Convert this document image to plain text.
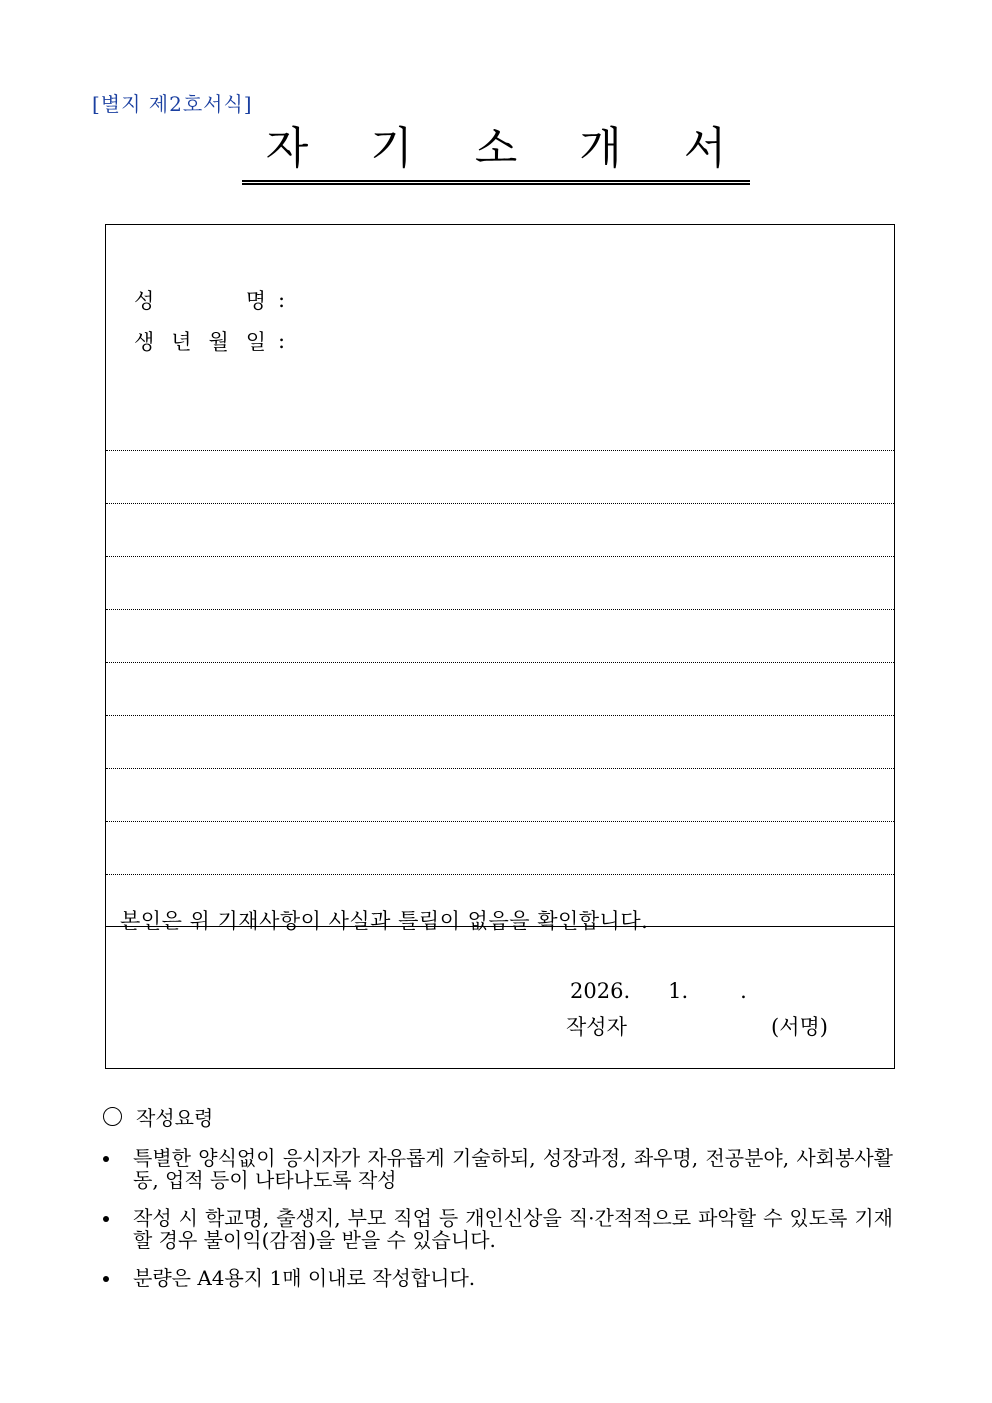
[별지 제2호서식]
자 기 소 개 서
성	명 :
생 년 월 일 :
본인은 위 기재사항이 사실과 틀림이 없음을 확인합니다.
2026. 1. .
작성자	(서명)
작성요령
특별한 양식없이 응시자가 자유롭게 기술하되, 성장과정, 좌우명, 전공분야, 사회봉사활동, 업적 등이 나타나도록 작성
작성 시 학교명, 출생지, 부모 직업 등 개인신상을 직·간적적으로 파악할 수 있도록 기재할 경우 불이익(감점)을 받을 수 있습니다.
분량은 A4용지 1매 이내로 작성합니다.
